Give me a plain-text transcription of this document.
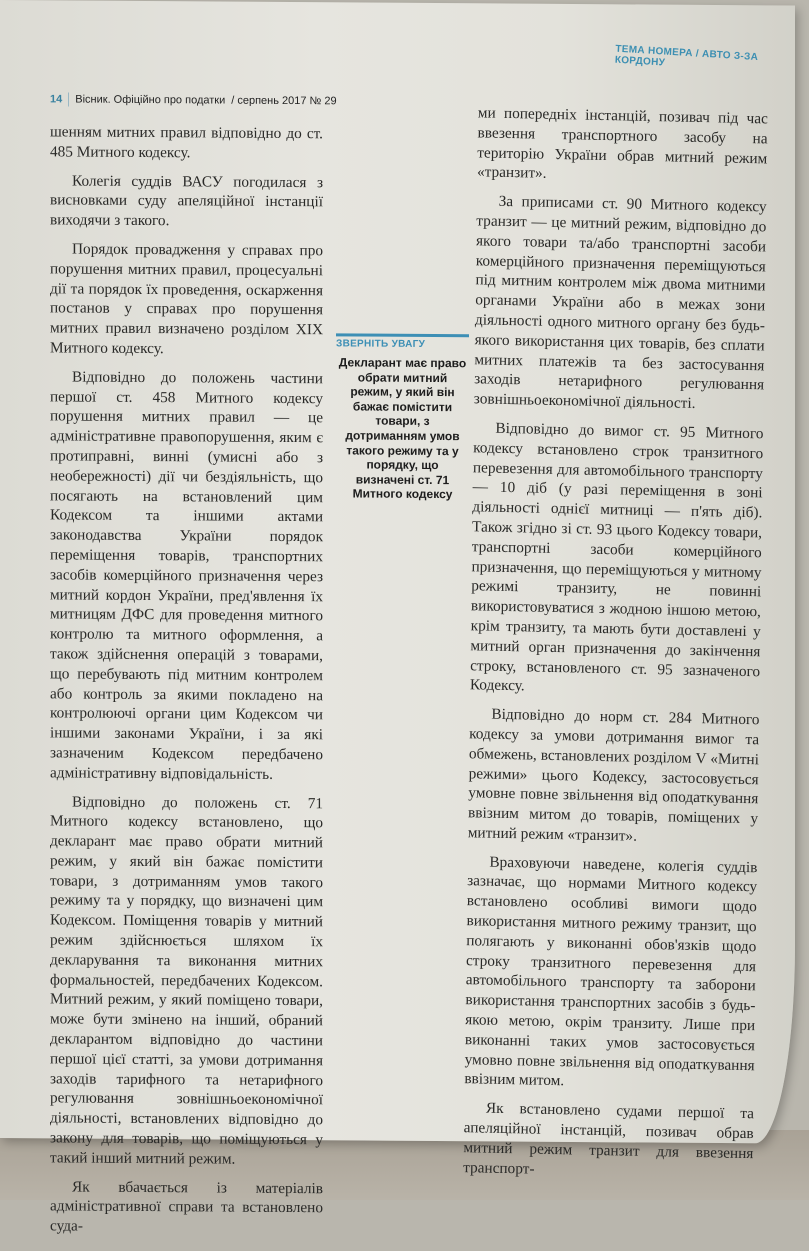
14 Вісник. Офіційно про податки / серпень 2017 № 29
ТЕМА НОМЕРА / АВТО З-ЗА КОРДОНУ

шенням митних правил відповідно до ст. 485 Митного кодексу.

Колегія суддів ВАСУ погодилася з висновками суду апеляційної інстанції виходячи з такого.

Порядок провадження у справах про порушення митних правил, процесуальні дії та порядок їх проведення, оскарження постанов у справах про порушення митних правил визначено розділом XIX Митного кодексу.

Відповідно до положень частини першої ст. 458 Митного кодексу порушення митних правил — це адміністративне правопорушення, яким є протиправні, винні (умисні або з необережності) дії чи бездіяльність, що посягають на встановлений цим Кодексом та іншими актами законодавства України порядок переміщення товарів, транспортних засобів комерційного призначення через митний кордон України, пред'явлення їх митницям ДФС для проведення митного контролю та митного оформлення, а також здійснення операцій з товарами, що перебувають під митним контролем або контроль за якими покладено на контролюючі органи цим Кодексом чи іншими законами України, і за які зазначеним Кодексом передбачено адміністративну відповідальність.

Відповідно до положень ст. 71 Митного кодексу встановлено, що декларант має право обрати митний режим, у який він бажає помістити товари, з дотриманням умов такого режиму та у порядку, що визначені цим Кодексом. Поміщення товарів у митний режим здійснюється шляхом їх декларування та виконання митних формальностей, передбачених Кодексом. Митний режим, у який поміщено товари, може бути змінено на інший, обраний декларантом відповідно до частини першої цієї статті, за умови дотримання заходів тарифного та нетарифного регулювання зовнішньоекономічної діяльності, встановлених відповідно до закону для товарів, що поміщуються у такий інший митний режим.

Як вбачається із матеріалів адміністративної справи та встановлено суда-

ЗВЕРНІТЬ УВАГУ
Декларант має право обрати митний режим, у який він бажає помістити товари, з дотриманням умов такого режиму та у порядку, що визначені ст. 71 Митного кодексу

ми попередніх інстанцій, позивач під час ввезення транспортного засобу на територію України обрав митний режим «транзит».

За приписами ст. 90 Митного кодексу транзит — це митний режим, відповідно до якого товари та/або транспортні засоби комерційного призначення переміщуються під митним контролем між двома митними органами України або в межах зони діяльності одного митного органу без будь-якого використання цих товарів, без сплати митних платежів та без застосування заходів нетарифного регулювання зовнішньоекономічної діяльності.

Відповідно до вимог ст. 95 Митного кодексу встановлено строк транзитного перевезення для автомобільного транспорту — 10 діб (у разі переміщення в зоні діяльності однієї митниці — п'ять діб). Також згідно зі ст. 93 цього Кодексу товари, транспортні засоби комерційного призначення, що переміщуються у митному режимі транзиту, не повинні використовуватися з жодною іншою метою, крім транзиту, та мають бути доставлені у митний орган призначення до закінчення строку, встановленого ст. 95 зазначеного Кодексу.

Відповідно до норм ст. 284 Митного кодексу за умови дотримання вимог та обмежень, встановлених розділом V «Митні режими» цього Кодексу, застосовується умовне повне звільнення від оподаткування ввізним митом до товарів, поміщених у митний режим «транзит».

Враховуючи наведене, колегія суддів зазначає, що нормами Митного кодексу встановлено особливі вимоги щодо використання митного режиму транзит, що полягають у виконанні обов'язків щодо строку транзитного перевезення для автомобільного транспорту та заборони використання транспортних засобів з будь-якою метою, окрім транзиту. Лише при виконанні таких умов застосовується умовно повне звільнення від оподаткування ввізним митом.

Як встановлено судами першої та апеляційної інстанцій, позивач обрав митний режим транзит для ввезення транспорт-
